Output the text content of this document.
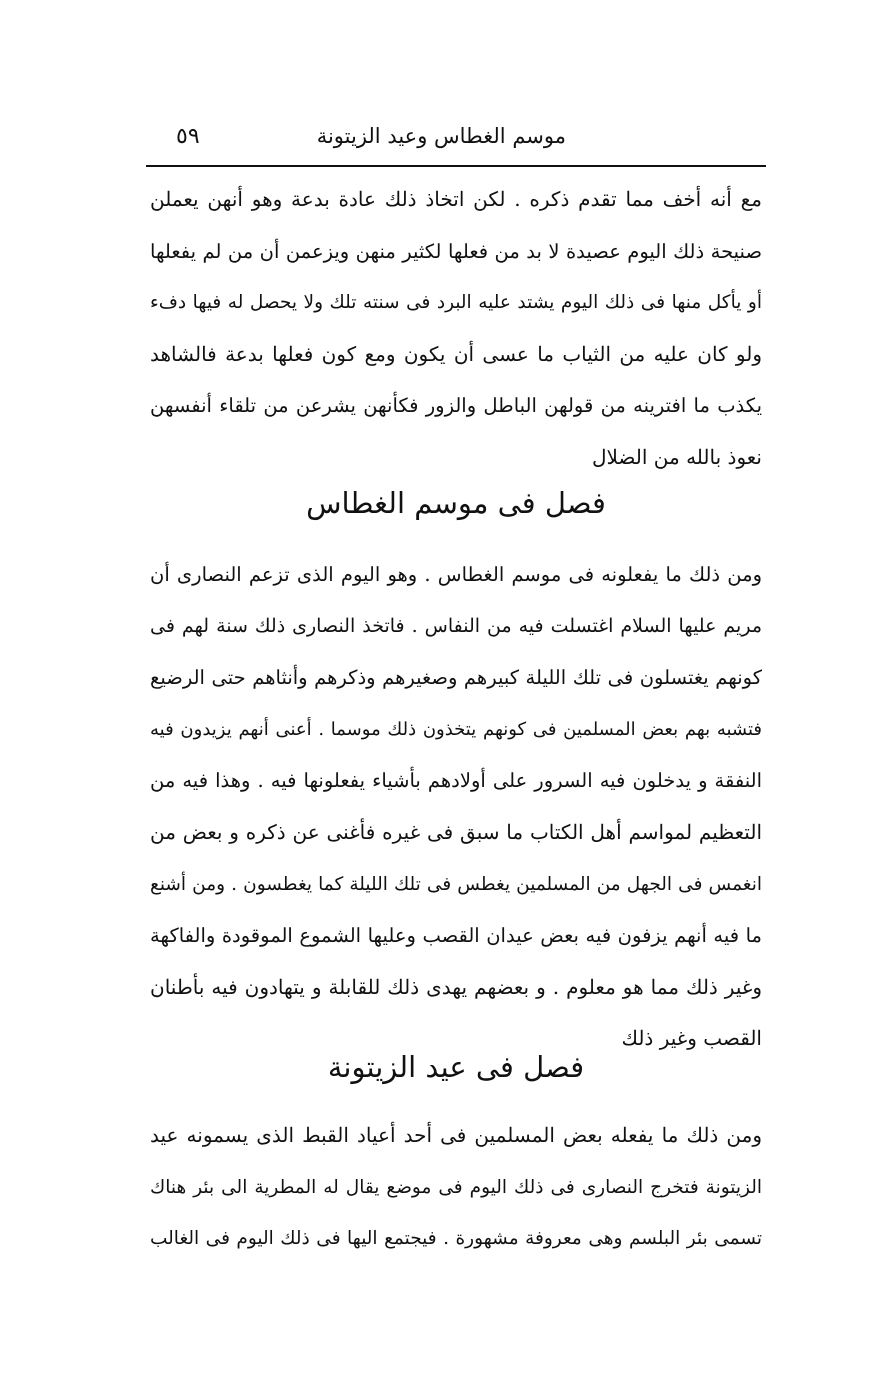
موسم الغطاس وعيد الزيتونة
٥٩
مع أنه أخف مما تقدم ذكره . لكن اتخاذ ذلك عادة بدعة وهو أنهن يعملن
صنيحة ذلك اليوم عصيدة لا بد من فعلها لكثير منهن ويزعمن أن من لم يفعلها
أو يأكل منها فى ذلك اليوم يشتد عليه البرد فى سنته تلك ولا يحصل له فيها دفء
ولو كان عليه من الثياب ما عسى أن يكون ومع كون فعلها بدعة فالشاهد
يكذب ما افترينه من قولهن الباطل والزور فكأنهن يشرعن من تلقاء أنفسهن
نعوذ بالله من الضلال
فصل فى موسم الغطاس
ومن ذلك ما يفعلونه فى موسم الغطاس . وهو اليوم الذى تزعم النصارى أن
مريم عليها السلام اغتسلت فيه من النفاس . فاتخذ النصارى ذلك سنة لهم فى
كونهم يغتسلون فى تلك الليلة كبيرهم وصغيرهم وذكرهم وأنثاهم حتى الرضيع
فتشبه بهم بعض المسلمين فى كونهم يتخذون ذلك موسما . أعنى أنهم يزيدون فيه
النفقة و يدخلون فيه السرور على أولادهم بأشياء يفعلونها فيه . وهذا فيه من
التعظيم لمواسم أهل الكتاب ما سبق فى غيره فأغنى عن ذكره و بعض من
انغمس فى الجهل من المسلمين يغطس فى تلك الليلة كما يغطسون . ومن أشنع
ما فيه أنهم يزفون فيه بعض عيدان القصب وعليها الشموع الموقودة والفاكهة
وغير ذلك مما هو معلوم . و بعضهم يهدى ذلك للقابلة و يتهادون فيه بأطنان
القصب وغير ذلك
فصل فى عيد الزيتونة
ومن ذلك ما يفعله بعض المسلمين فى أحد أعياد القبط الذى يسمونه عيد
الزيتونة فتخرج النصارى فى ذلك اليوم فى موضع يقال له المطرية الى بئر هناك
تسمى بئر البلسم وهى معروفة مشهورة . فيجتمع اليها فى ذلك اليوم فى الغالب
